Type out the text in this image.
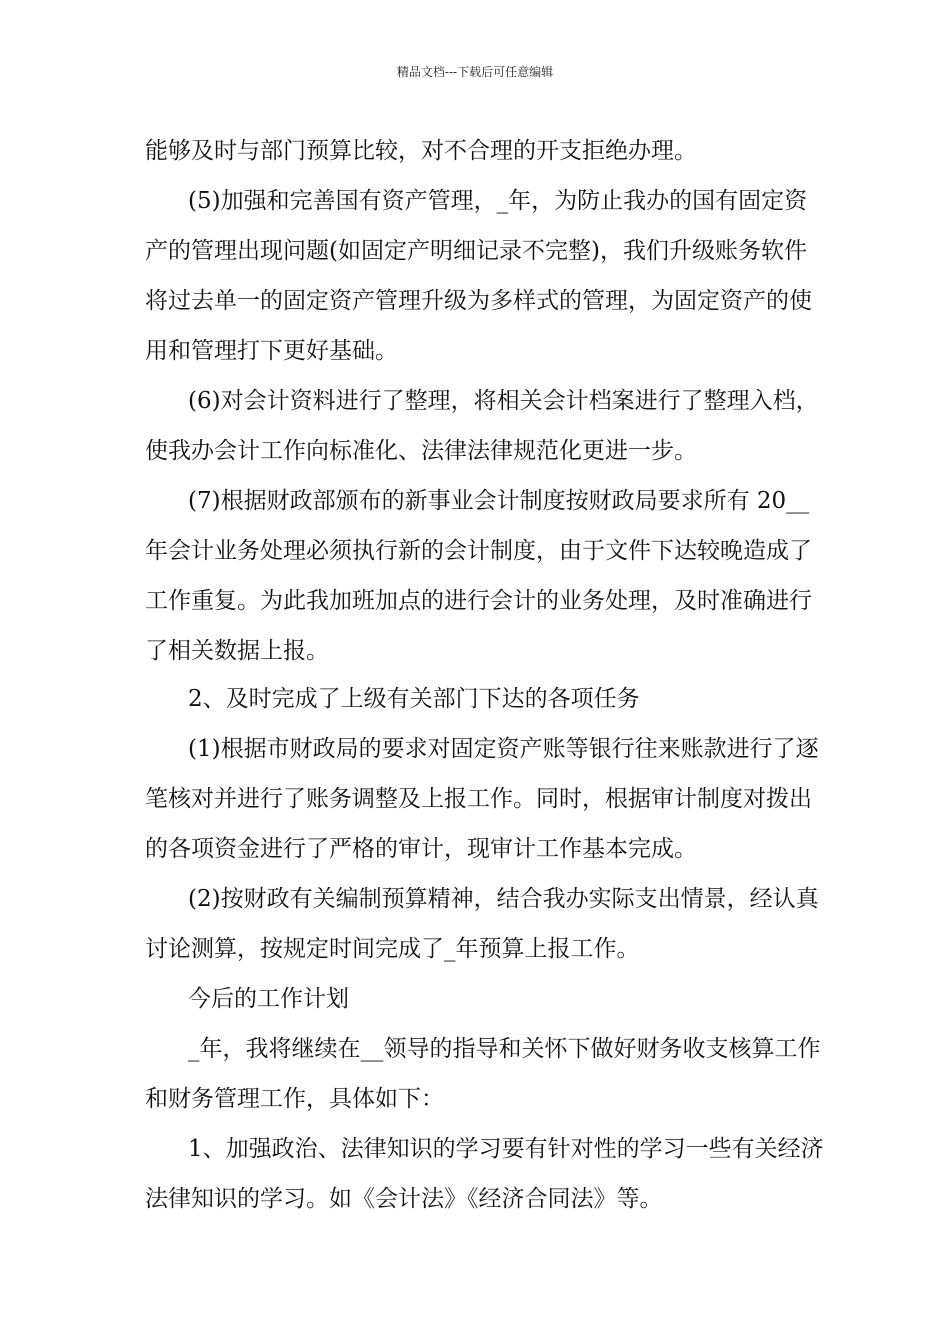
精品文档---下载后可任意编辑
能够及时与部门预算比较，对不合理的开支拒绝办理。
(5)加强和完善国有资产管理，_年，为防止我办的国有固定资
产的管理出现问题(如固定产明细记录不完整)，我们升级账务软件
将过去单一的固定资产管理升级为多样式的管理，为固定资产的使
用和管理打下更好基础。
(6)对会计资料进行了整理，将相关会计档案进行了整理入档，
使我办会计工作向标准化、法律法律规范化更进一步。
(7)根据财政部颁布的新事业会计制度按财政局要求所有 20__
年会计业务处理必须执行新的会计制度，由于文件下达较晚造成了
工作重复。为此我加班加点的进行会计的业务处理，及时准确进行
了相关数据上报。
2、及时完成了上级有关部门下达的各项任务
(1)根据市财政局的要求对固定资产账等银行往来账款进行了逐
笔核对并进行了账务调整及上报工作。同时，根据审计制度对拨出
的各项资金进行了严格的审计，现审计工作基本完成。
(2)按财政有关编制预算精神，结合我办实际支出情景，经认真
讨论测算，按规定时间完成了_年预算上报工作。
今后的工作计划
_年，我将继续在__领导的指导和关怀下做好财务收支核算工作
和财务管理工作，具体如下：
1、加强政治、法律知识的学习要有针对性的学习一些有关经济
法律知识的学习。如《会计法》《经济合同法》等。
